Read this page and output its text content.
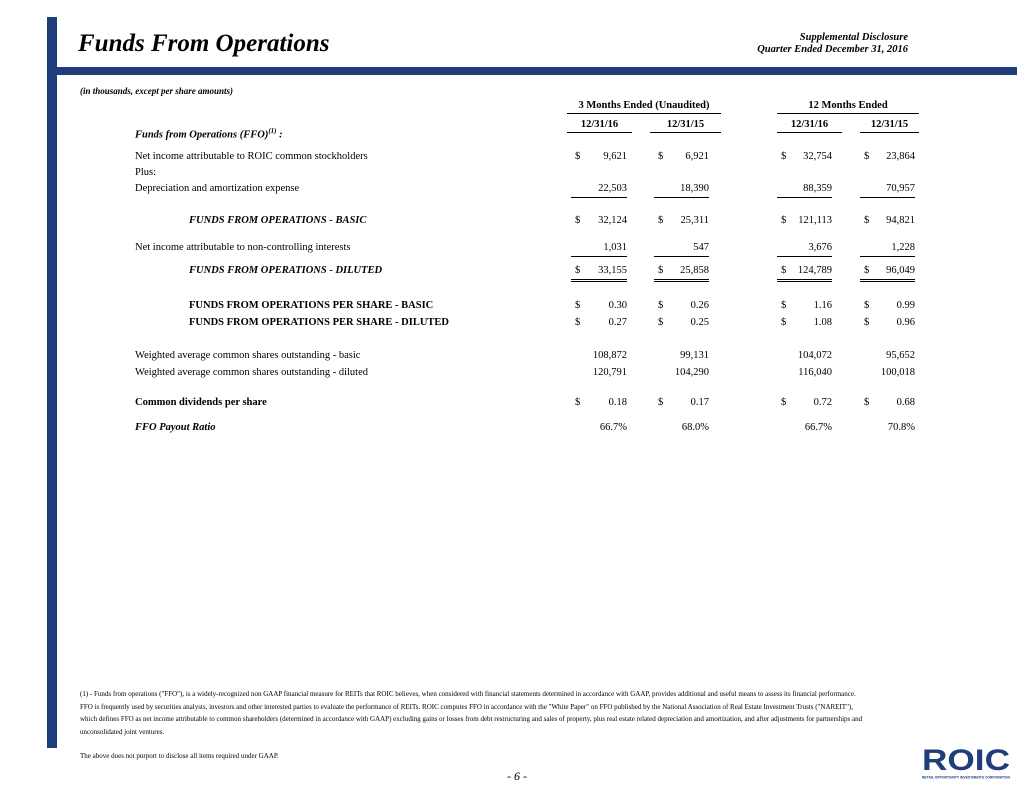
Funds From Operations	Supplemental Disclosure
Quarter Ended December 31, 2016
(in thousands, except per share amounts)
3 Months Ended (Unaudited)	12 Months Ended
12/31/16	12/31/15	12/31/16	12/31/15
Funds from Operations (FFO)$^{(1)}$ :
Net income attributable to ROIC common stockholders	$ 9,621	$ 6,921	$ 32,754	$ 23,864
Plus:
Depreciation and amortization expense	22,503	18,390	88,359	70,957
FUNDS FROM OPERATIONS - BASIC	$ 32,124	$ 25,311	$ 121,113	$ 94,821
Net income attributable to non-controlling interests	1,031	547	3,676	1,228
FUNDS FROM OPERATIONS - DILUTED	$ 33,155	$ 25,858	$ 124,789	$ 96,049
FUNDS FROM OPERATIONS PER SHARE - BASIC	$	0.30	$	0.26	$	1.16	$	0.99
FUNDS FROM OPERATIONS PER SHARE - DILUTED	$	0.27	$	0.25	$	1.08	$	0.96
Weighted average common shares outstanding - basic	108,872	99,131	104,072	95,652
Weighted average common shares outstanding - diluted	120,791	104,290	116,040	100,018
Common dividends per share	$	0.18	$	0.17	$	0.72	$	0.68
FFO Payout Ratio	66.7%	68.0%	66.7%	70.8%

(1) - Funds from operations ("FFO"), is a widely-recognized non GAAP financial measure for REITs that ROIC believes, when considered with financial statements determined in accordance with GAAP, provides additional and useful means to assess its financial performance. FFO is frequently used by securities analysts, investors and other interested parties to evaluate the performance of REITs. ROIC computes FFO in accordance with the "White Paper" on FFO published by the National Association of Real Estate Investment Trusts ("NAREIT"), which defines FFO as net income attributable to common shareholders (determined in accordance with GAAP) excluding gains or losses from debt restructuring and sales of property, plus real estate related depreciation and amortization, and after adjustments for partnerships and unconsolidated joint ventures.

The above does not purport to disclose all items required under GAAP.

- 6 -	ROIC
RETAIL OPPORTUNITY INVESTMENTS CORPORATION
